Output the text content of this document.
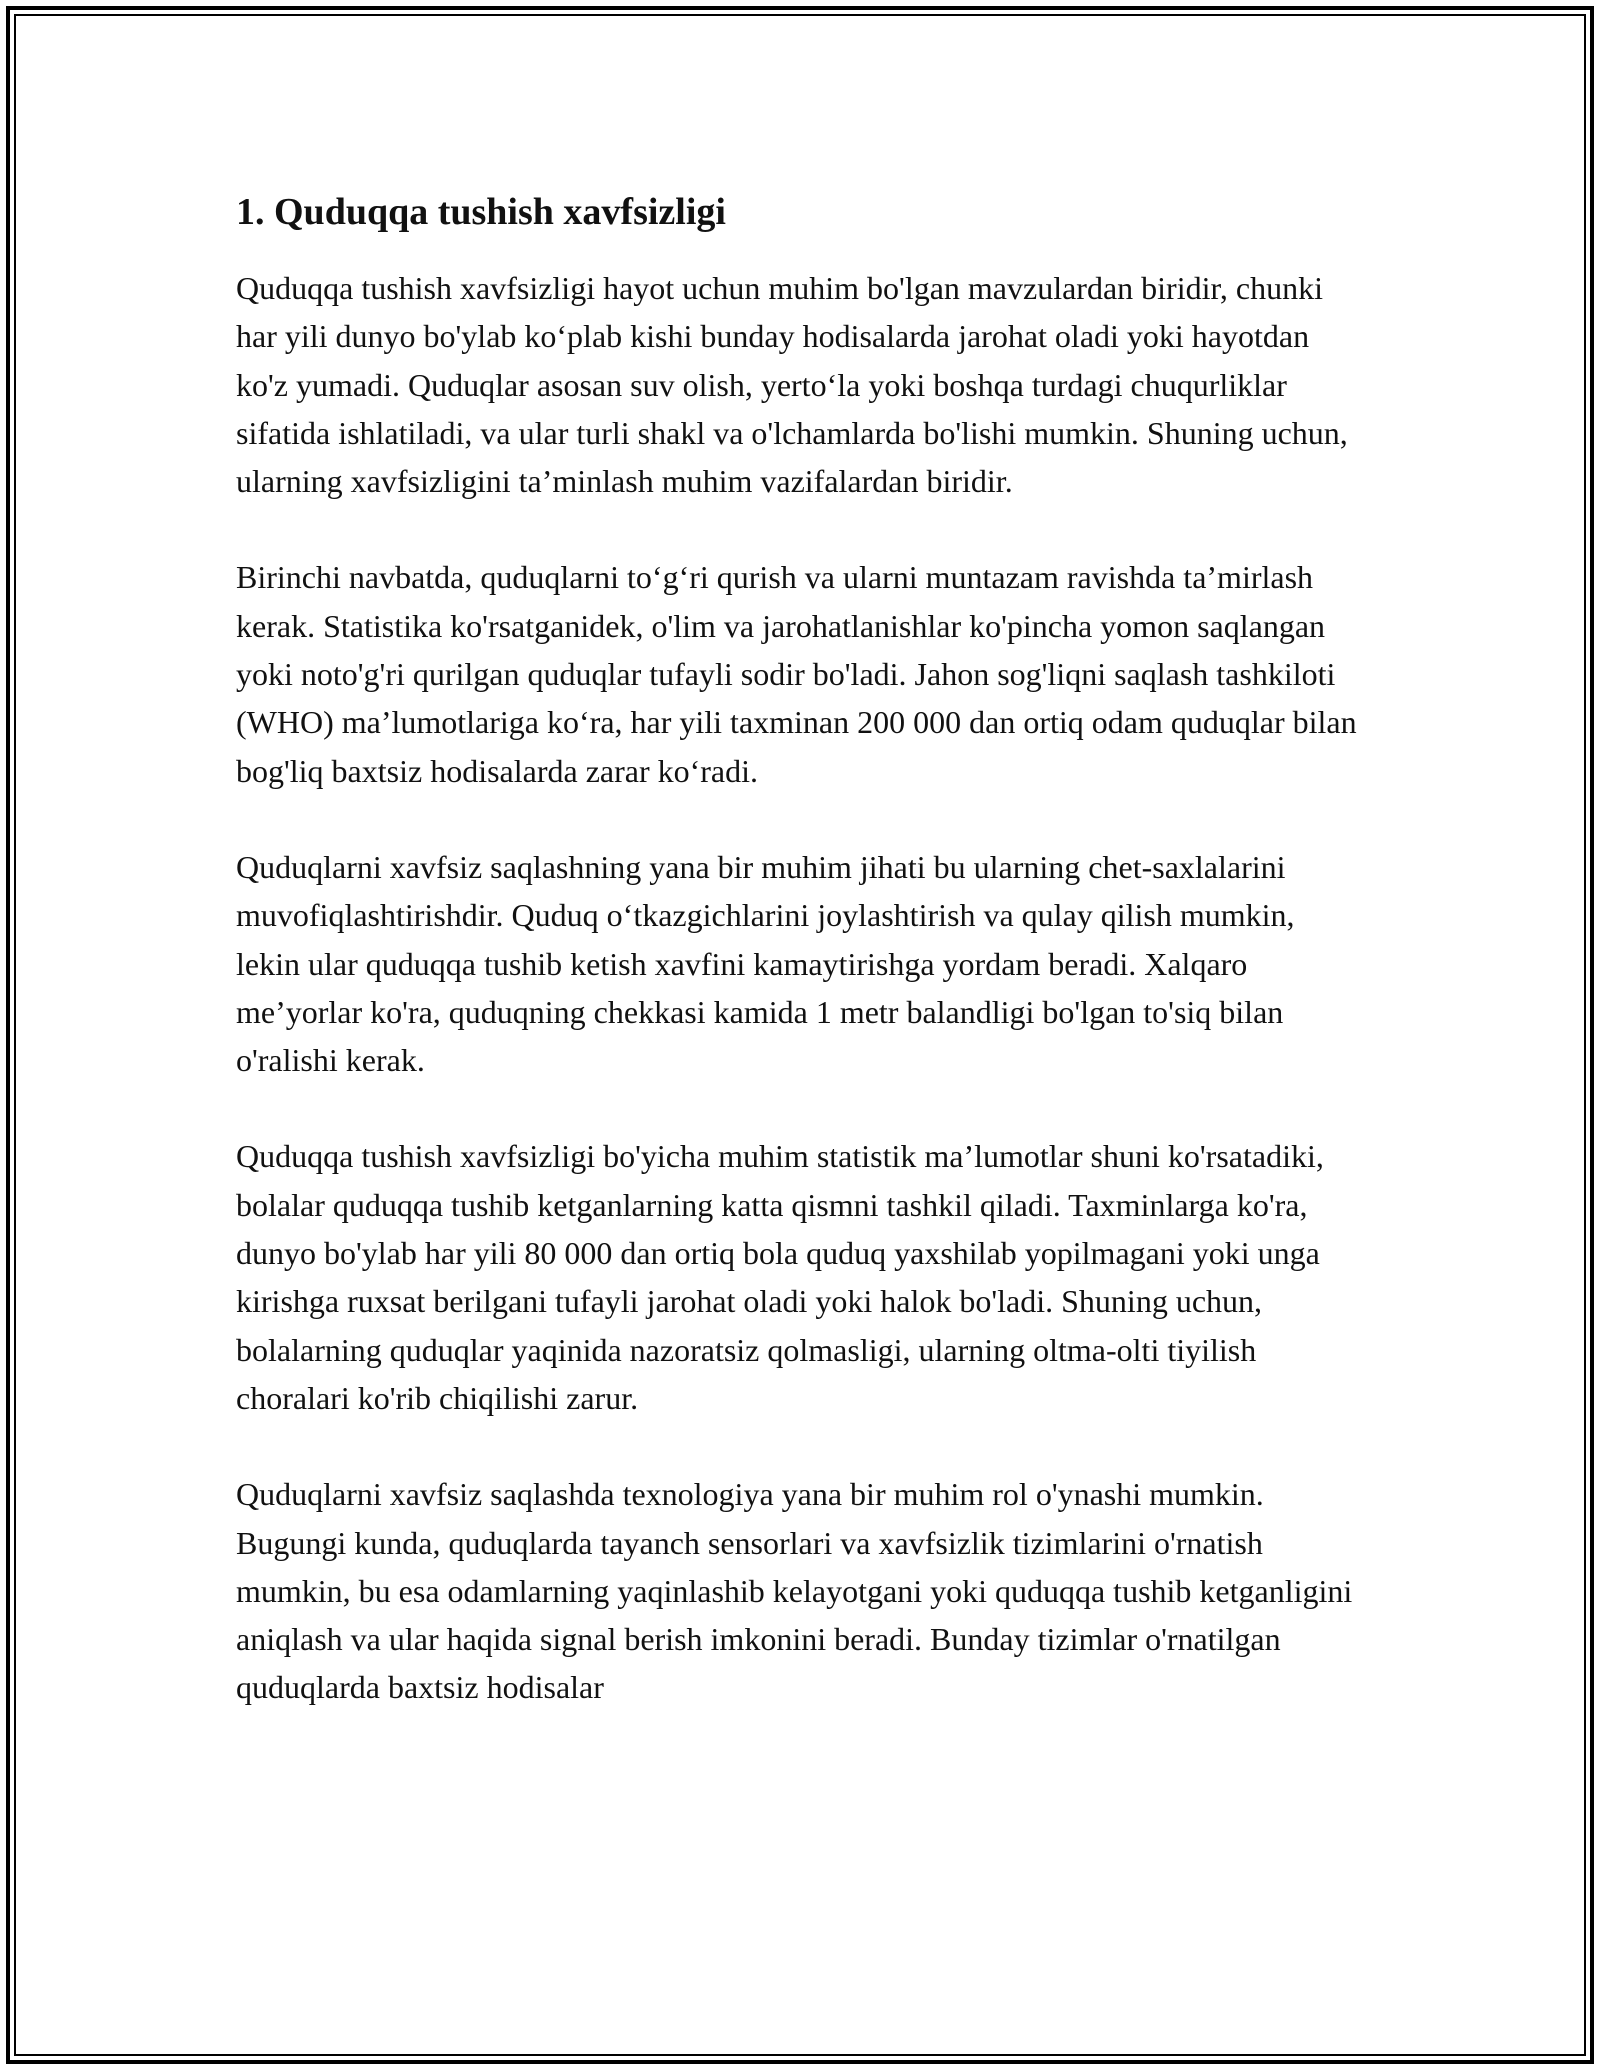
1. Quduqqa tushish xavfsizligi

Quduqqa tushish xavfsizligi hayot uchun muhim bo'lgan mavzulardan biridir, chunki har yili dunyo bo'ylab ko‘plab kishi bunday hodisalarda jarohat oladi yoki hayotdan ko'z yumadi. Quduqlar asosan suv olish, yerto‘la yoki boshqa turdagi chuqurliklar sifatida ishlatiladi, va ular turli shakl va o'lchamlarda bo'lishi mumkin. Shuning uchun, ularning xavfsizligini ta’minlash muhim vazifalardan biridir.

Birinchi navbatda, quduqlarni to‘g‘ri qurish va ularni muntazam ravishda ta’mirlash kerak. Statistika ko'rsatganidek, o'lim va jarohatlanishlar ko'pincha yomon saqlangan yoki noto'g'ri qurilgan quduqlar tufayli sodir bo'ladi. Jahon sog'liqni saqlash tashkiloti (WHO) ma’lumotlariga ko‘ra, har yili taxminan 200 000 dan ortiq odam quduqlar bilan bog'liq baxtsiz hodisalarda zarar ko‘radi.

Quduqlarni xavfsiz saqlashning yana bir muhim jihati bu ularning chet-saxlalarini muvofiqlashtirishdir. Quduq o‘tkazgichlarini joylashtirish va qulay qilish mumkin, lekin ular quduqqa tushib ketish xavfini kamaytirishga yordam beradi. Xalqaro me’yorlar ko'ra, quduqning chekkasi kamida 1 metr balandligi bo'lgan to'siq bilan o'ralishi kerak.

Quduqqa tushish xavfsizligi bo'yicha muhim statistik ma’lumotlar shuni ko'rsatadiki, bolalar quduqqa tushib ketganlarning katta qismni tashkil qiladi. Taxminlarga ko'ra, dunyo bo'ylab har yili 80 000 dan ortiq bola quduq yaxshilab yopilmagani yoki unga kirishga ruxsat berilgani tufayli jarohat oladi yoki halok bo'ladi. Shuning uchun, bolalarning quduqlar yaqinida nazoratsiz qolmasligi, ularning oltma-olti tiyilish choralari ko'rib chiqilishi zarur.

Quduqlarni xavfsiz saqlashda texnologiya yana bir muhim rol o'ynashi mumkin. Bugungi kunda, quduqlarda tayanch sensorlari va xavfsizlik tizimlarini o'rnatish mumkin, bu esa odamlarning yaqinlashib kelayotgani yoki quduqqa tushib ketganligini aniqlash va ular haqida signal berish imkonini beradi. Bunday tizimlar o'rnatilgan quduqlarda baxtsiz hodisalar
